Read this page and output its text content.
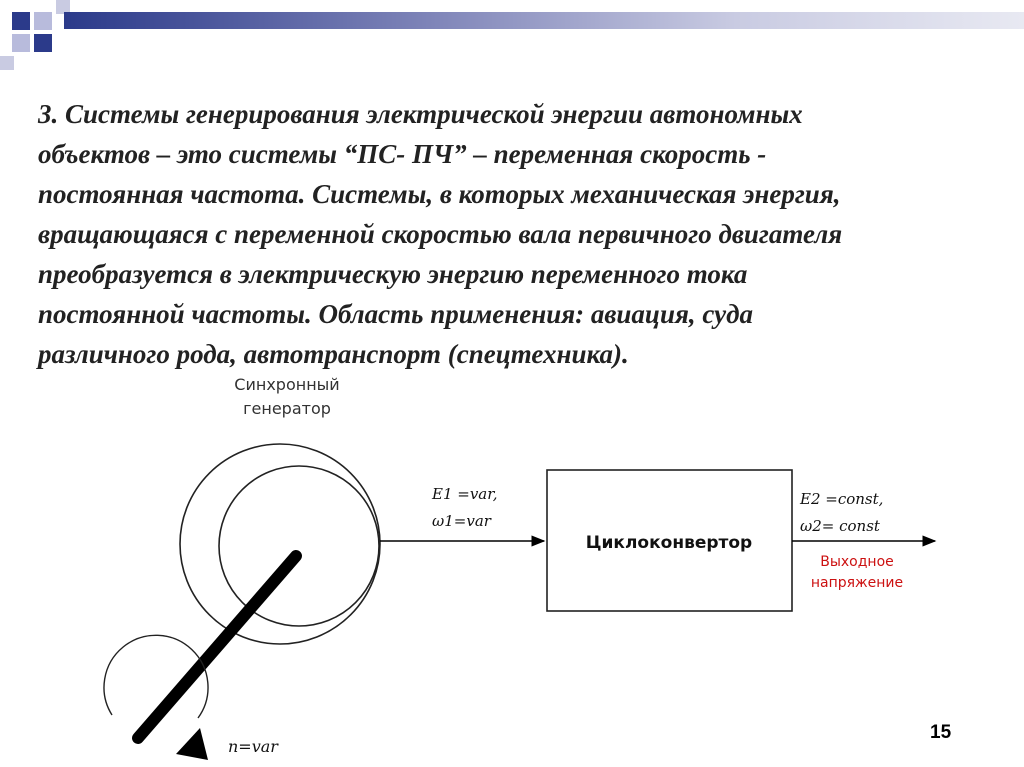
3. Системы генерирования электрической энергии автономных
объектов – это системы “ПС- ПЧ” – переменная скорость -
постоянная частота. Системы, в которых механическая энергия,
вращающаяся с переменной скоростью вала первичного двигателя
преобразуется в электрическую энергию переменного тока
постоянной частоты. Область применения: авиация, суда
различного рода, автотранспорт (спецтехника).
Синхронный
генератор
n=var
E1 =var,
ω1=var
Циклоконвертор
E2 =const,
ω2= const
Выходное
напряжение
15
